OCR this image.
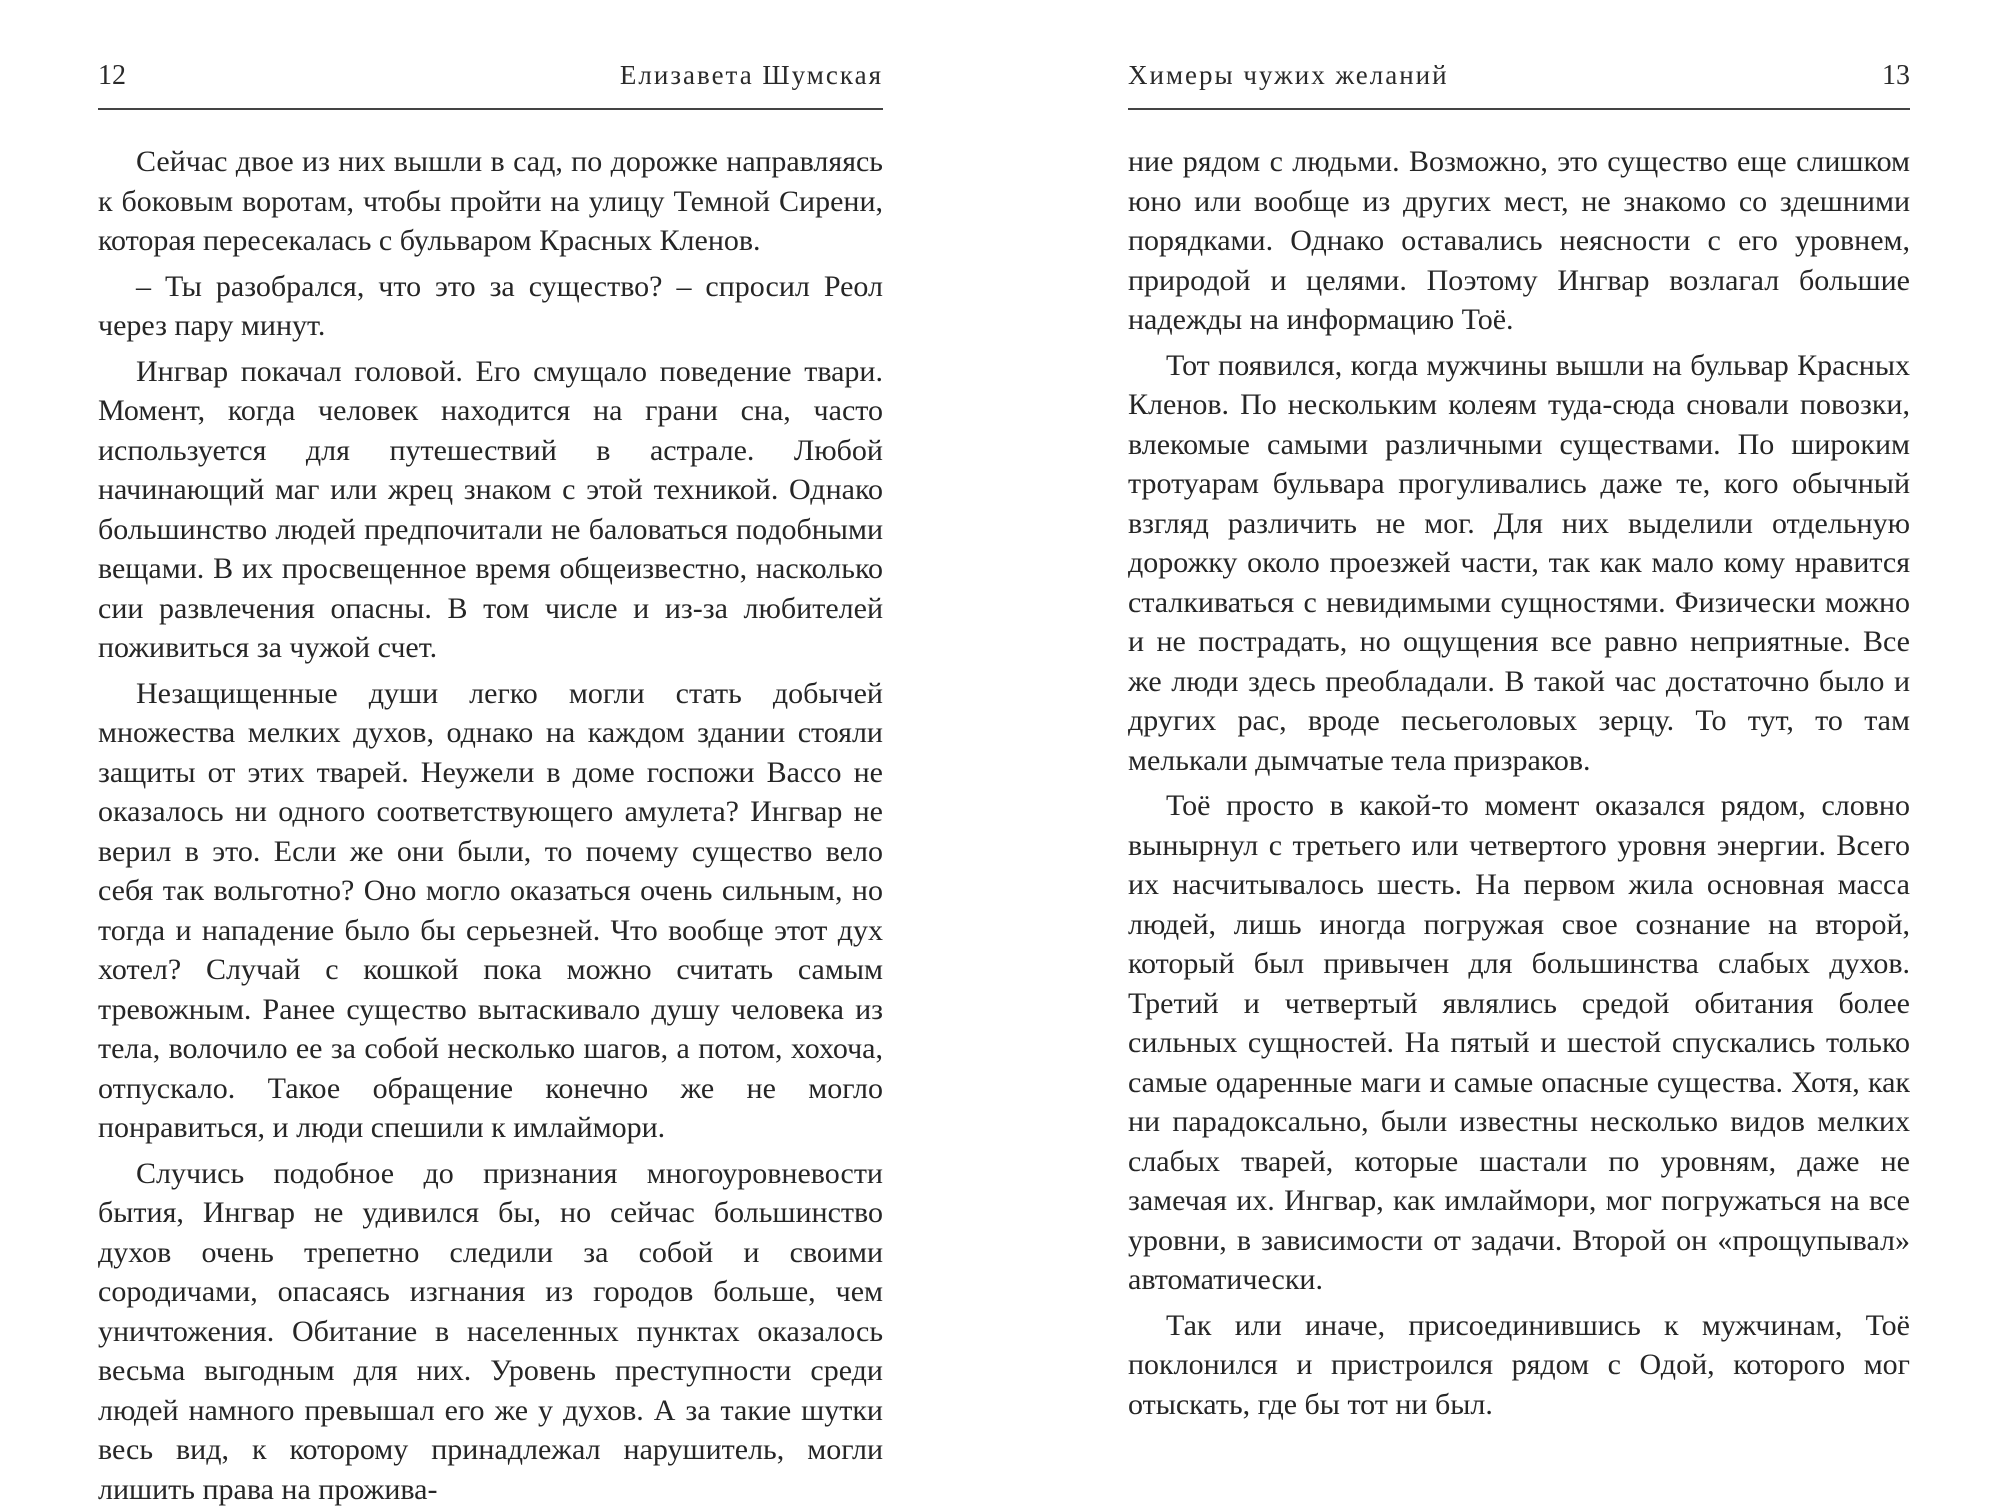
12	Елизавета Шумская

Сейчас двое из них вышли в сад, по дорожке направляясь к боковым воротам, чтобы пройти на улицу Темной Сирени, которая пересекалась с бульваром Красных Кленов.

– Ты разобрался, что это за существо? – спросил Реол через пару минут.

Ингвар покачал головой. Его смущало поведение твари. Момент, когда человек находится на грани сна, часто используется для путешествий в астрале. Любой начинающий маг или жрец знаком с этой техникой. Однако большинство людей предпочитали не баловаться подобными вещами. В их просвещенное время общеизвестно, насколько сии развлечения опасны. В том числе и из-за любителей поживиться за чужой счет.

Незащищенные души легко могли стать добычей множества мелких духов, однако на каждом здании стояли защиты от этих тварей. Неужели в доме госпожи Вассо не оказалось ни одного соответствующего амулета? Ингвар не верил в это. Если же они были, то почему существо вело себя так вольготно? Оно могло оказаться очень сильным, но тогда и нападение было бы серьезней. Что вообще этот дух хотел? Случай с кошкой пока можно считать самым тревожным. Ранее существо вытаскивало душу человека из тела, волочило ее за собой несколько шагов, а потом, хохоча, отпускало. Такое обращение конечно же не могло понравиться, и люди спешили к имлаймори.

Случись подобное до признания многоуровневости бытия, Ингвар не удивился бы, но сейчас большинство духов очень трепетно следили за собой и своими сородичами, опасаясь изгнания из городов больше, чем уничтожения. Обитание в населенных пунктах оказалось весьма выгодным для них. Уровень преступности среди людей намного превышал его же у духов. А за такие шутки весь вид, к которому принадлежал нарушитель, могли лишить права на прожива-

Химеры чужих желаний	13

ние рядом с людьми. Возможно, это существо еще слишком юно или вообще из других мест, не знакомо со здешними порядками. Однако оставались неясности с его уровнем, природой и целями. Поэтому Ингвар возлагал большие надежды на информацию Тоё.

Тот появился, когда мужчины вышли на бульвар Красных Кленов. По нескольким колеям туда-сюда сновали повозки, влекомые самыми различными существами. По широким тротуарам бульвара прогуливались даже те, кого обычный взгляд различить не мог. Для них выделили отдельную дорожку около проезжей части, так как мало кому нравится сталкиваться с невидимыми сущностями. Физически можно и не пострадать, но ощущения все равно неприятные. Все же люди здесь преобладали. В такой час достаточно было и других рас, вроде песьеголовых зерцу. То тут, то там мелькали дымчатые тела призраков.

Тоё просто в какой-то момент оказался рядом, словно вынырнул с третьего или четвертого уровня энергии. Всего их насчитывалось шесть. На первом жила основная масса людей, лишь иногда погружая свое сознание на второй, который был привычен для большинства слабых духов. Третий и четвертый являлись средой обитания более сильных сущностей. На пятый и шестой спускались только самые одаренные маги и самые опасные существа. Хотя, как ни парадоксально, были известны несколько видов мелких слабых тварей, которые шастали по уровням, даже не замечая их. Ингвар, как имлаймори, мог погружаться на все уровни, в зависимости от задачи. Второй он «прощупывал» автоматически.

Так или иначе, присоединившись к мужчинам, Тоё поклонился и пристроился рядом с Одой, которого мог отыскать, где бы тот ни был.
